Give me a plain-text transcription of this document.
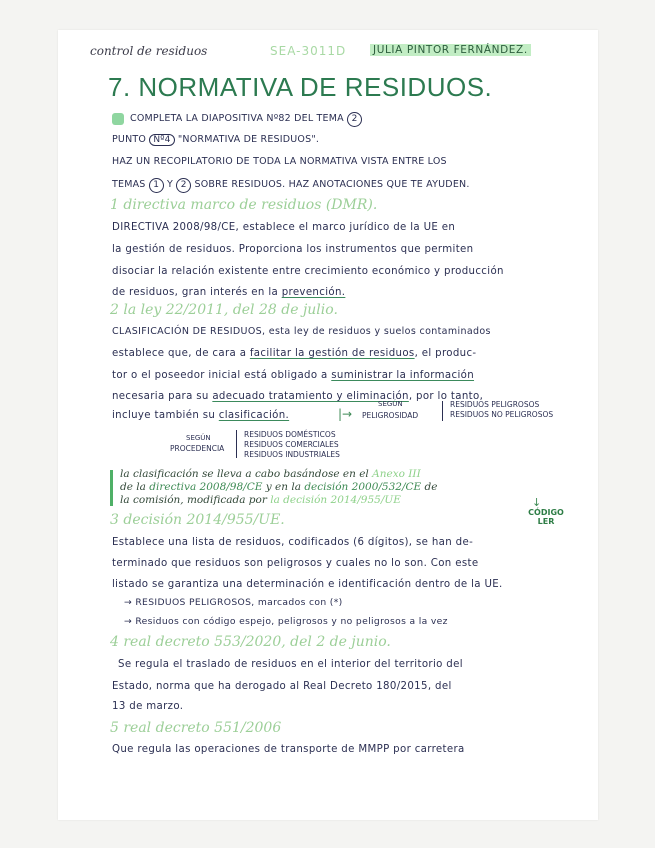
control de residuos	SEA-3011D	JULIA PINTOR FERNÁNDEZ.
7. NORMATIVA DE RESIDUOS.
COMPLETA LA DIAPOSITIVA Nº82 DEL TEMA 2
PUNTO Nº4 "NORMATIVA DE RESIDUOS".
HAZ UN RECOPILATORIO DE TODA LA NORMATIVA VISTA ENTRE LOS
TEMAS 1 Y 2 SOBRE RESIDUOS. HAZ ANOTACIONES QUE TE AYUDEN.
1 directiva marco de residuos (DMR).
DIRECTIVA 2008/98/CE, establece el marco jurídico de la UE en
la gestión de residuos. Proporciona los instrumentos que permiten
disociar la relación existente entre crecimiento económico y producción
de residuos, gran interés en la prevención.
2 la ley 22/2011, del 28 de julio.
CLASIFICACIÓN DE RESIDUOS, esta ley de residuos y suelos contaminados
establece que, de cara a facilitar la gestión de residuos, el produc-
tor o el poseedor inicial está obligado a suministrar la información
necesaria para su adecuado tratamiento y eliminación, por lo tanto,
incluye también su clasificación.	|→
SEGÚN
PELIGROSIDAD
RESIDUOS PELIGROSOS
RESIDUOS NO PELIGROSOS
SEGÚN
PROCEDENCIA
RESIDUOS DOMÉSTICOS
RESIDUOS COMERCIALES
RESIDUOS INDUSTRIALES
la clasificación se lleva a cabo basándose en el Anexo III
de la directiva 2008/98/CE y en la decisión 2000/532/CE de
la comisión, modificada por la decisión 2014/955/UE	↓
CÓDIGO LER
3 decisión 2014/955/UE.
Establece una lista de residuos, codificados (6 dígitos), se han de-
terminado que residuos son peligrosos y cuales no lo son. Con este
listado se garantiza una determinación e identificación dentro de la UE.
→ RESIDUOS PELIGROSOS, marcados con (*)
→ Residuos con código espejo, peligrosos y no peligrosos a la vez
4 real decreto 553/2020, del 2 de junio.
Se regula el traslado de residuos en el interior del territorio del
Estado, norma que ha derogado al Real Decreto 180/2015, del
13 de marzo.
5 real decreto 551/2006
Que regula las operaciones de transporte de MMPP por carretera
